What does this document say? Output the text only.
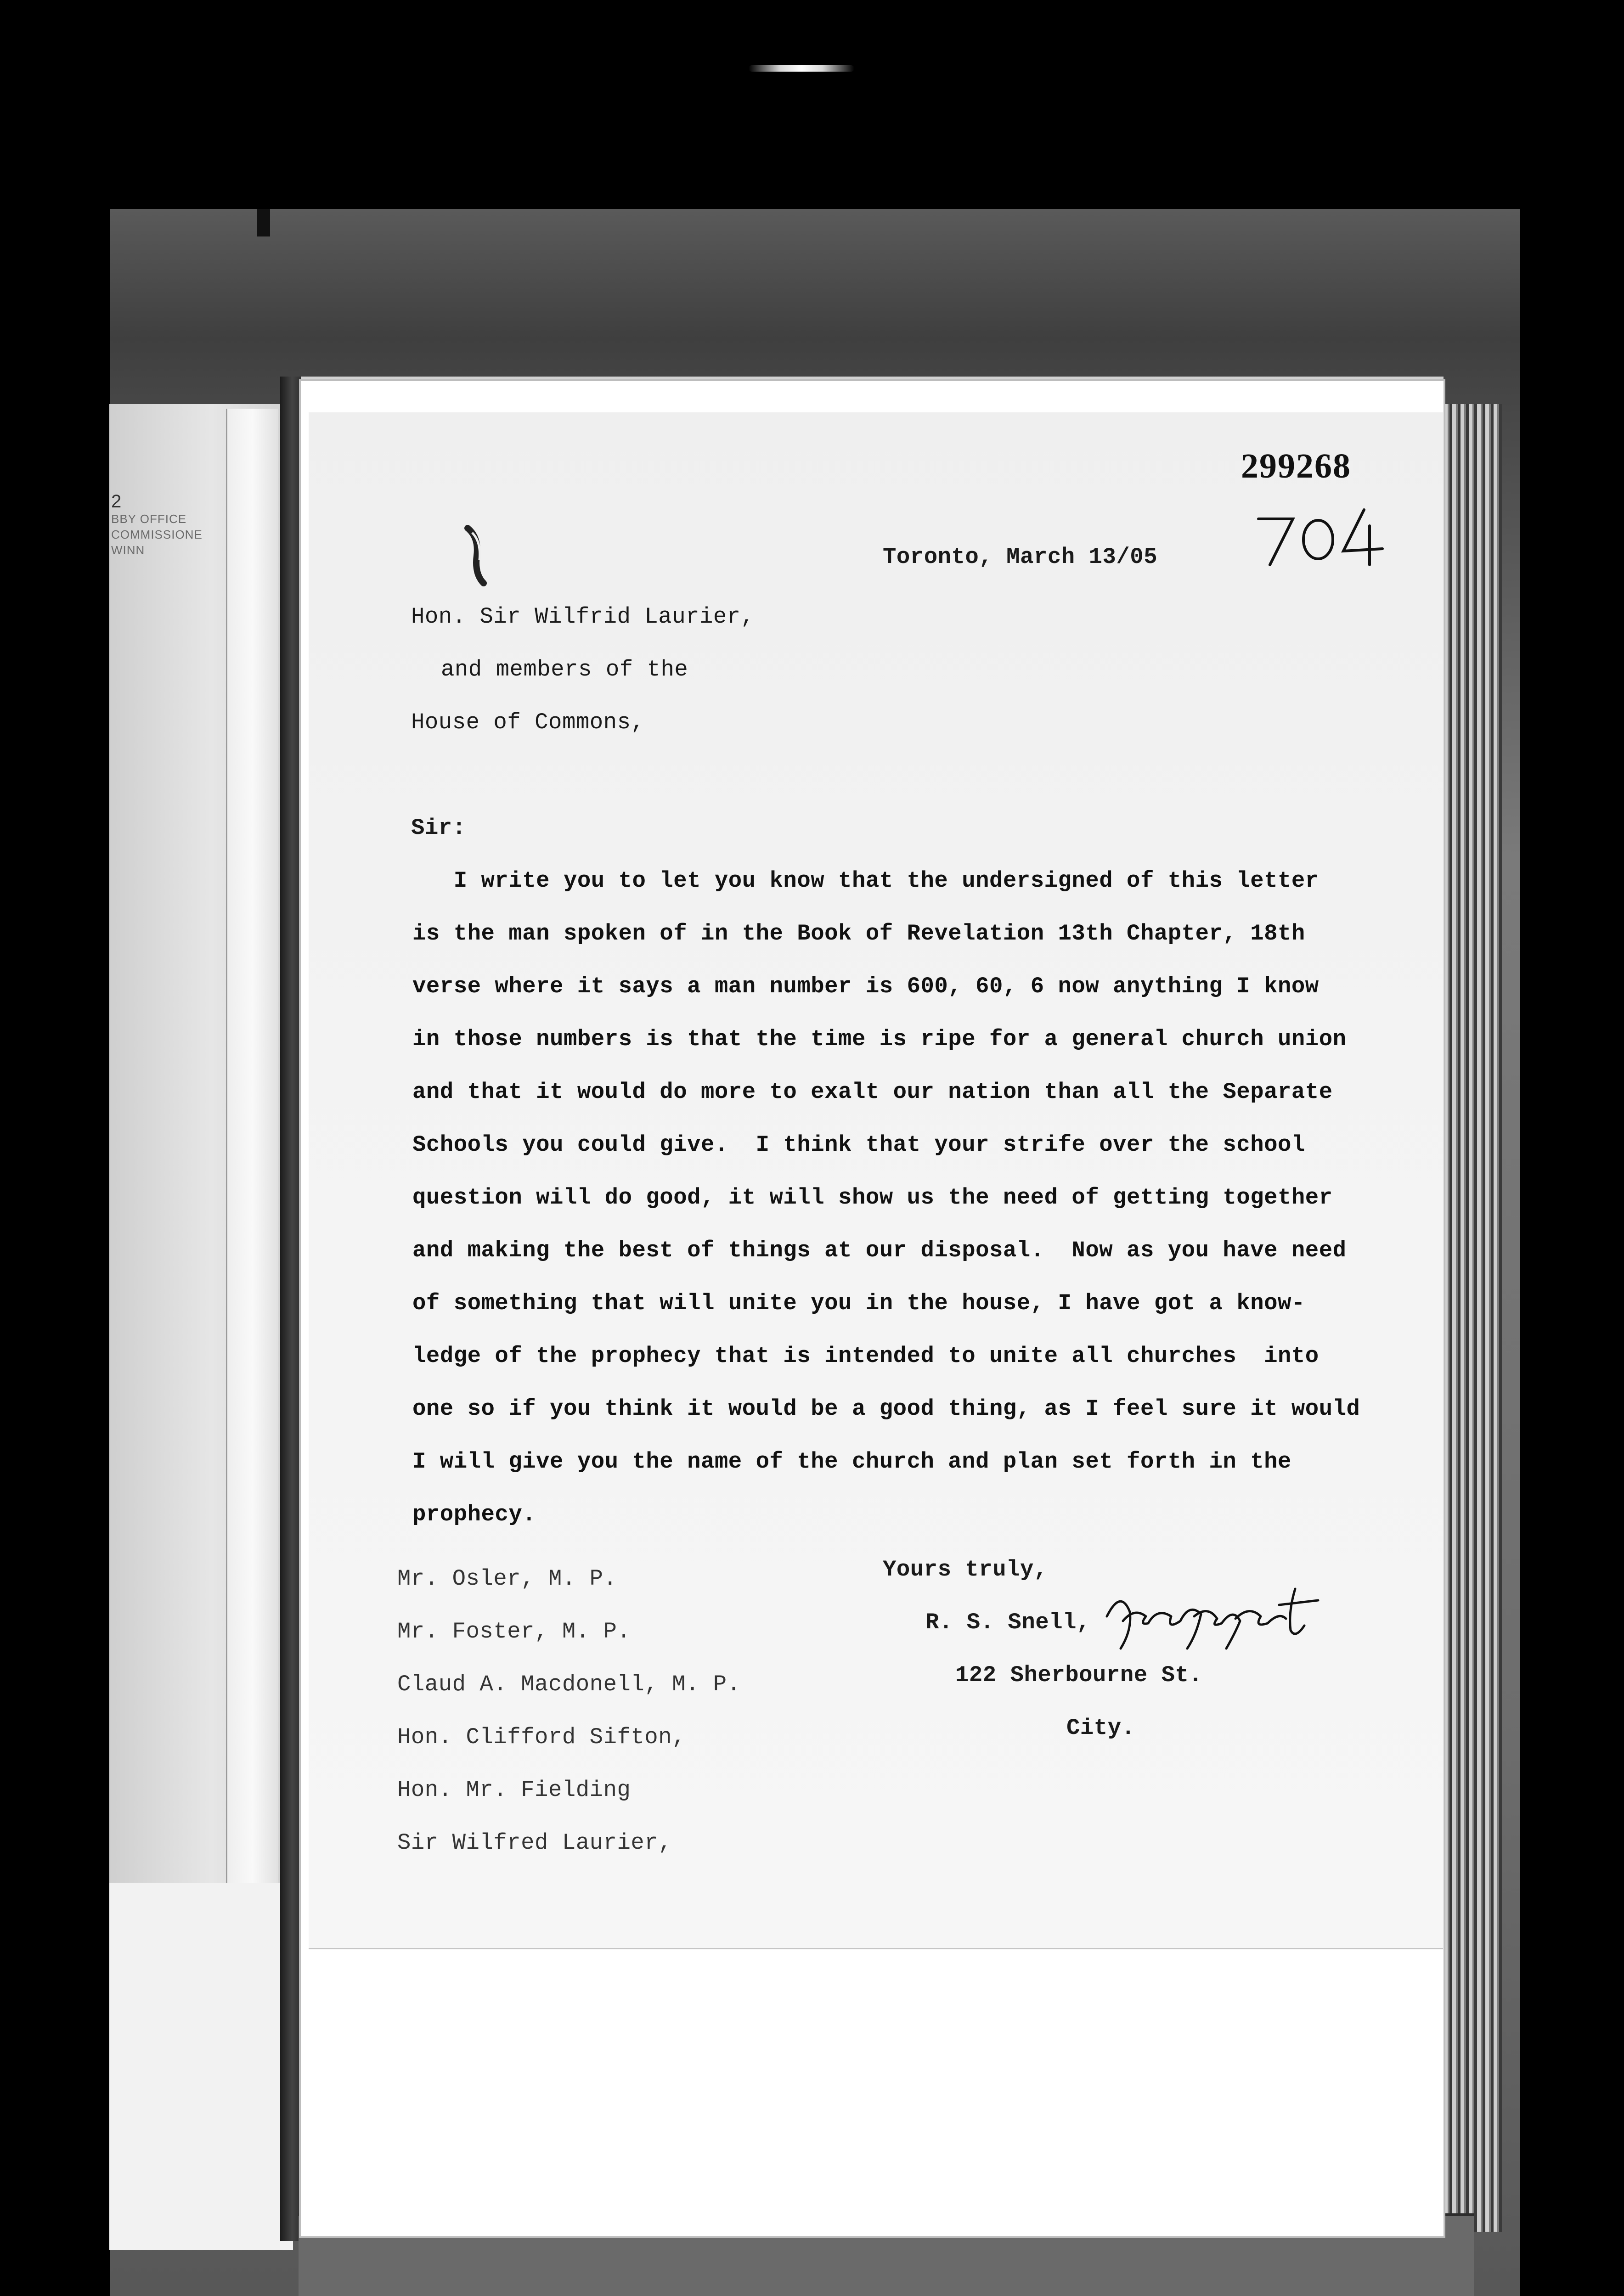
2
BBY OFFICE
COMMISSIONE
WINN
299268
Toronto, March 13/05
Hon. Sir Wilfrid Laurier,
and members of the
House of Commons,
Sir:
I write you to let you know that the undersigned of this letter
is the man spoken of in the Book of Revelation 13th Chapter, 18th
verse where it says a man number is 600, 60, 6 now anything I know
in those numbers is that the time is ripe for a general church union
and that it would do more to exalt our nation than all the Separate
Schools you could give.  I think that your strife over the school
question will do good, it will show us the need of getting together
and making the best of things at our disposal.  Now as you have need
of something that will unite you in the house, I have got a know-
ledge of the prophecy that is intended to unite all churches  into
one so if you think it would be a good thing, as I feel sure it would
I will give you the name of the church and plan set forth in the
prophecy.
Mr. Osler, M. P.
Mr. Foster, M. P.
Claud A. Macdonell, M. P.
Hon. Clifford Sifton,
Hon. Mr. Fielding
Sir Wilfred Laurier,
Yours truly,
R. S. Snell,
122 Sherbourne St.
City.
